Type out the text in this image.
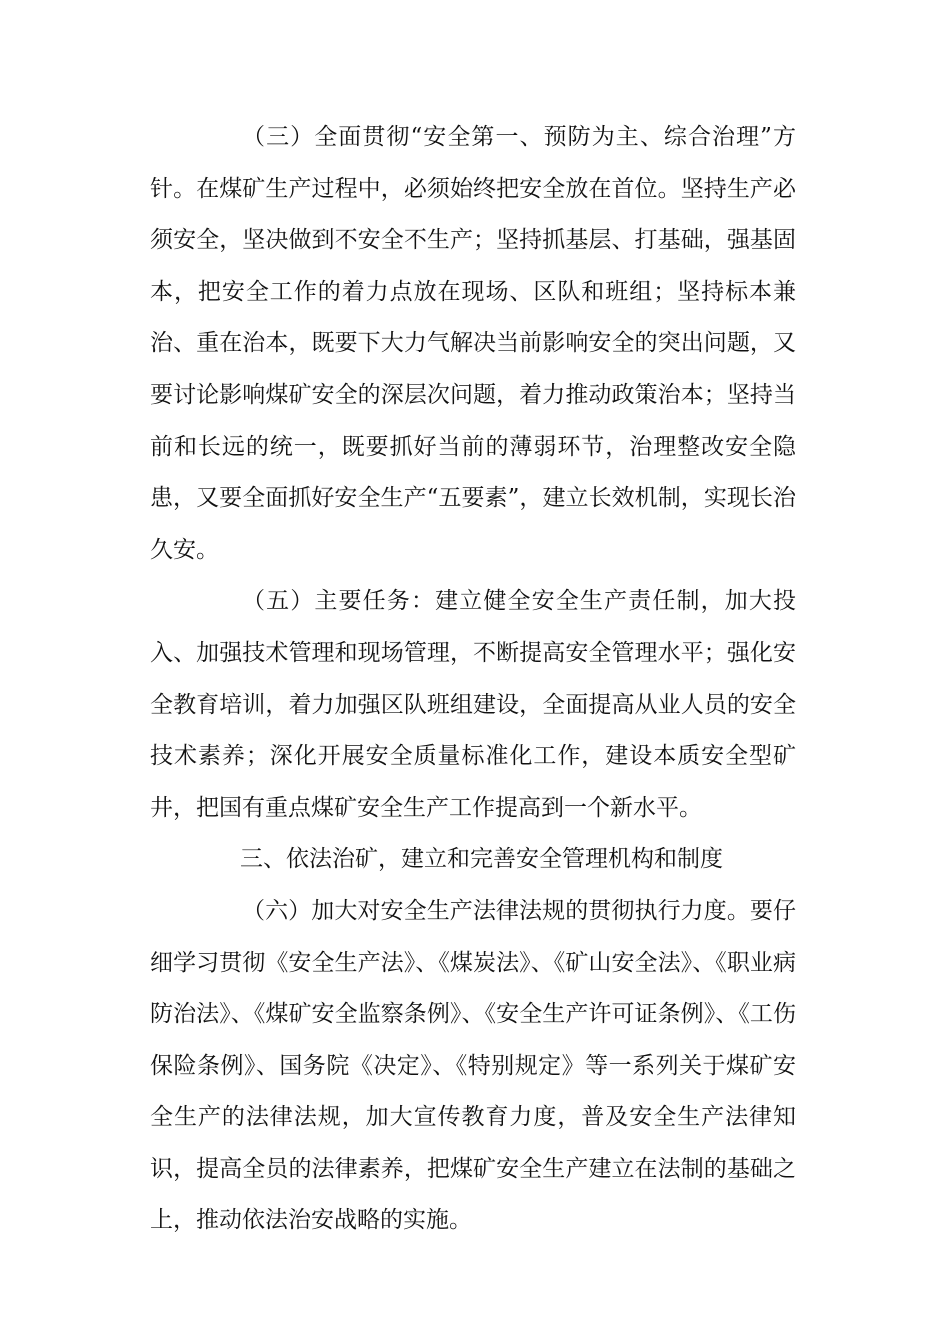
（三）全面贯彻“安全第一、预防为主、综合治理”方针。在煤矿生产过程中，必须始终把安全放在首位。坚持生产必须安全，坚决做到不安全不生产；坚持抓基层、打基础，强基固本，把安全工作的着力点放在现场、区队和班组；坚持标本兼治、重在治本，既要下大力气解决当前影响安全的突出问题，又要讨论影响煤矿安全的深层次问题，着力推动政策治本；坚持当前和长远的统一，既要抓好当前的薄弱环节，治理整改安全隐患，又要全面抓好安全生产“五要素”，建立长效机制，实现长治久安。

（五）主要任务：建立健全安全生产责任制，加大投入、加强技术管理和现场管理，不断提高安全管理水平；强化安全教育培训，着力加强区队班组建设，全面提高从业人员的安全技术素养；深化开展安全质量标准化工作，建设本质安全型矿井，把国有重点煤矿安全生产工作提高到一个新水平。

三、依法治矿，建立和完善安全管理机构和制度

（六）加大对安全生产法律法规的贯彻执行力度。要仔细学习贯彻《安全生产法》、《煤炭法》、《矿山安全法》、《职业病防治法》、《煤矿安全监察条例》、《安全生产许可证条例》、《工伤保险条例》、国务院《决定》、《特别规定》等一系列关于煤矿安全生产的法律法规，加大宣传教育力度，普及安全生产法律知识，提高全员的法律素养，把煤矿安全生产建立在法制的基础之上，推动依法治安战略的实施。
